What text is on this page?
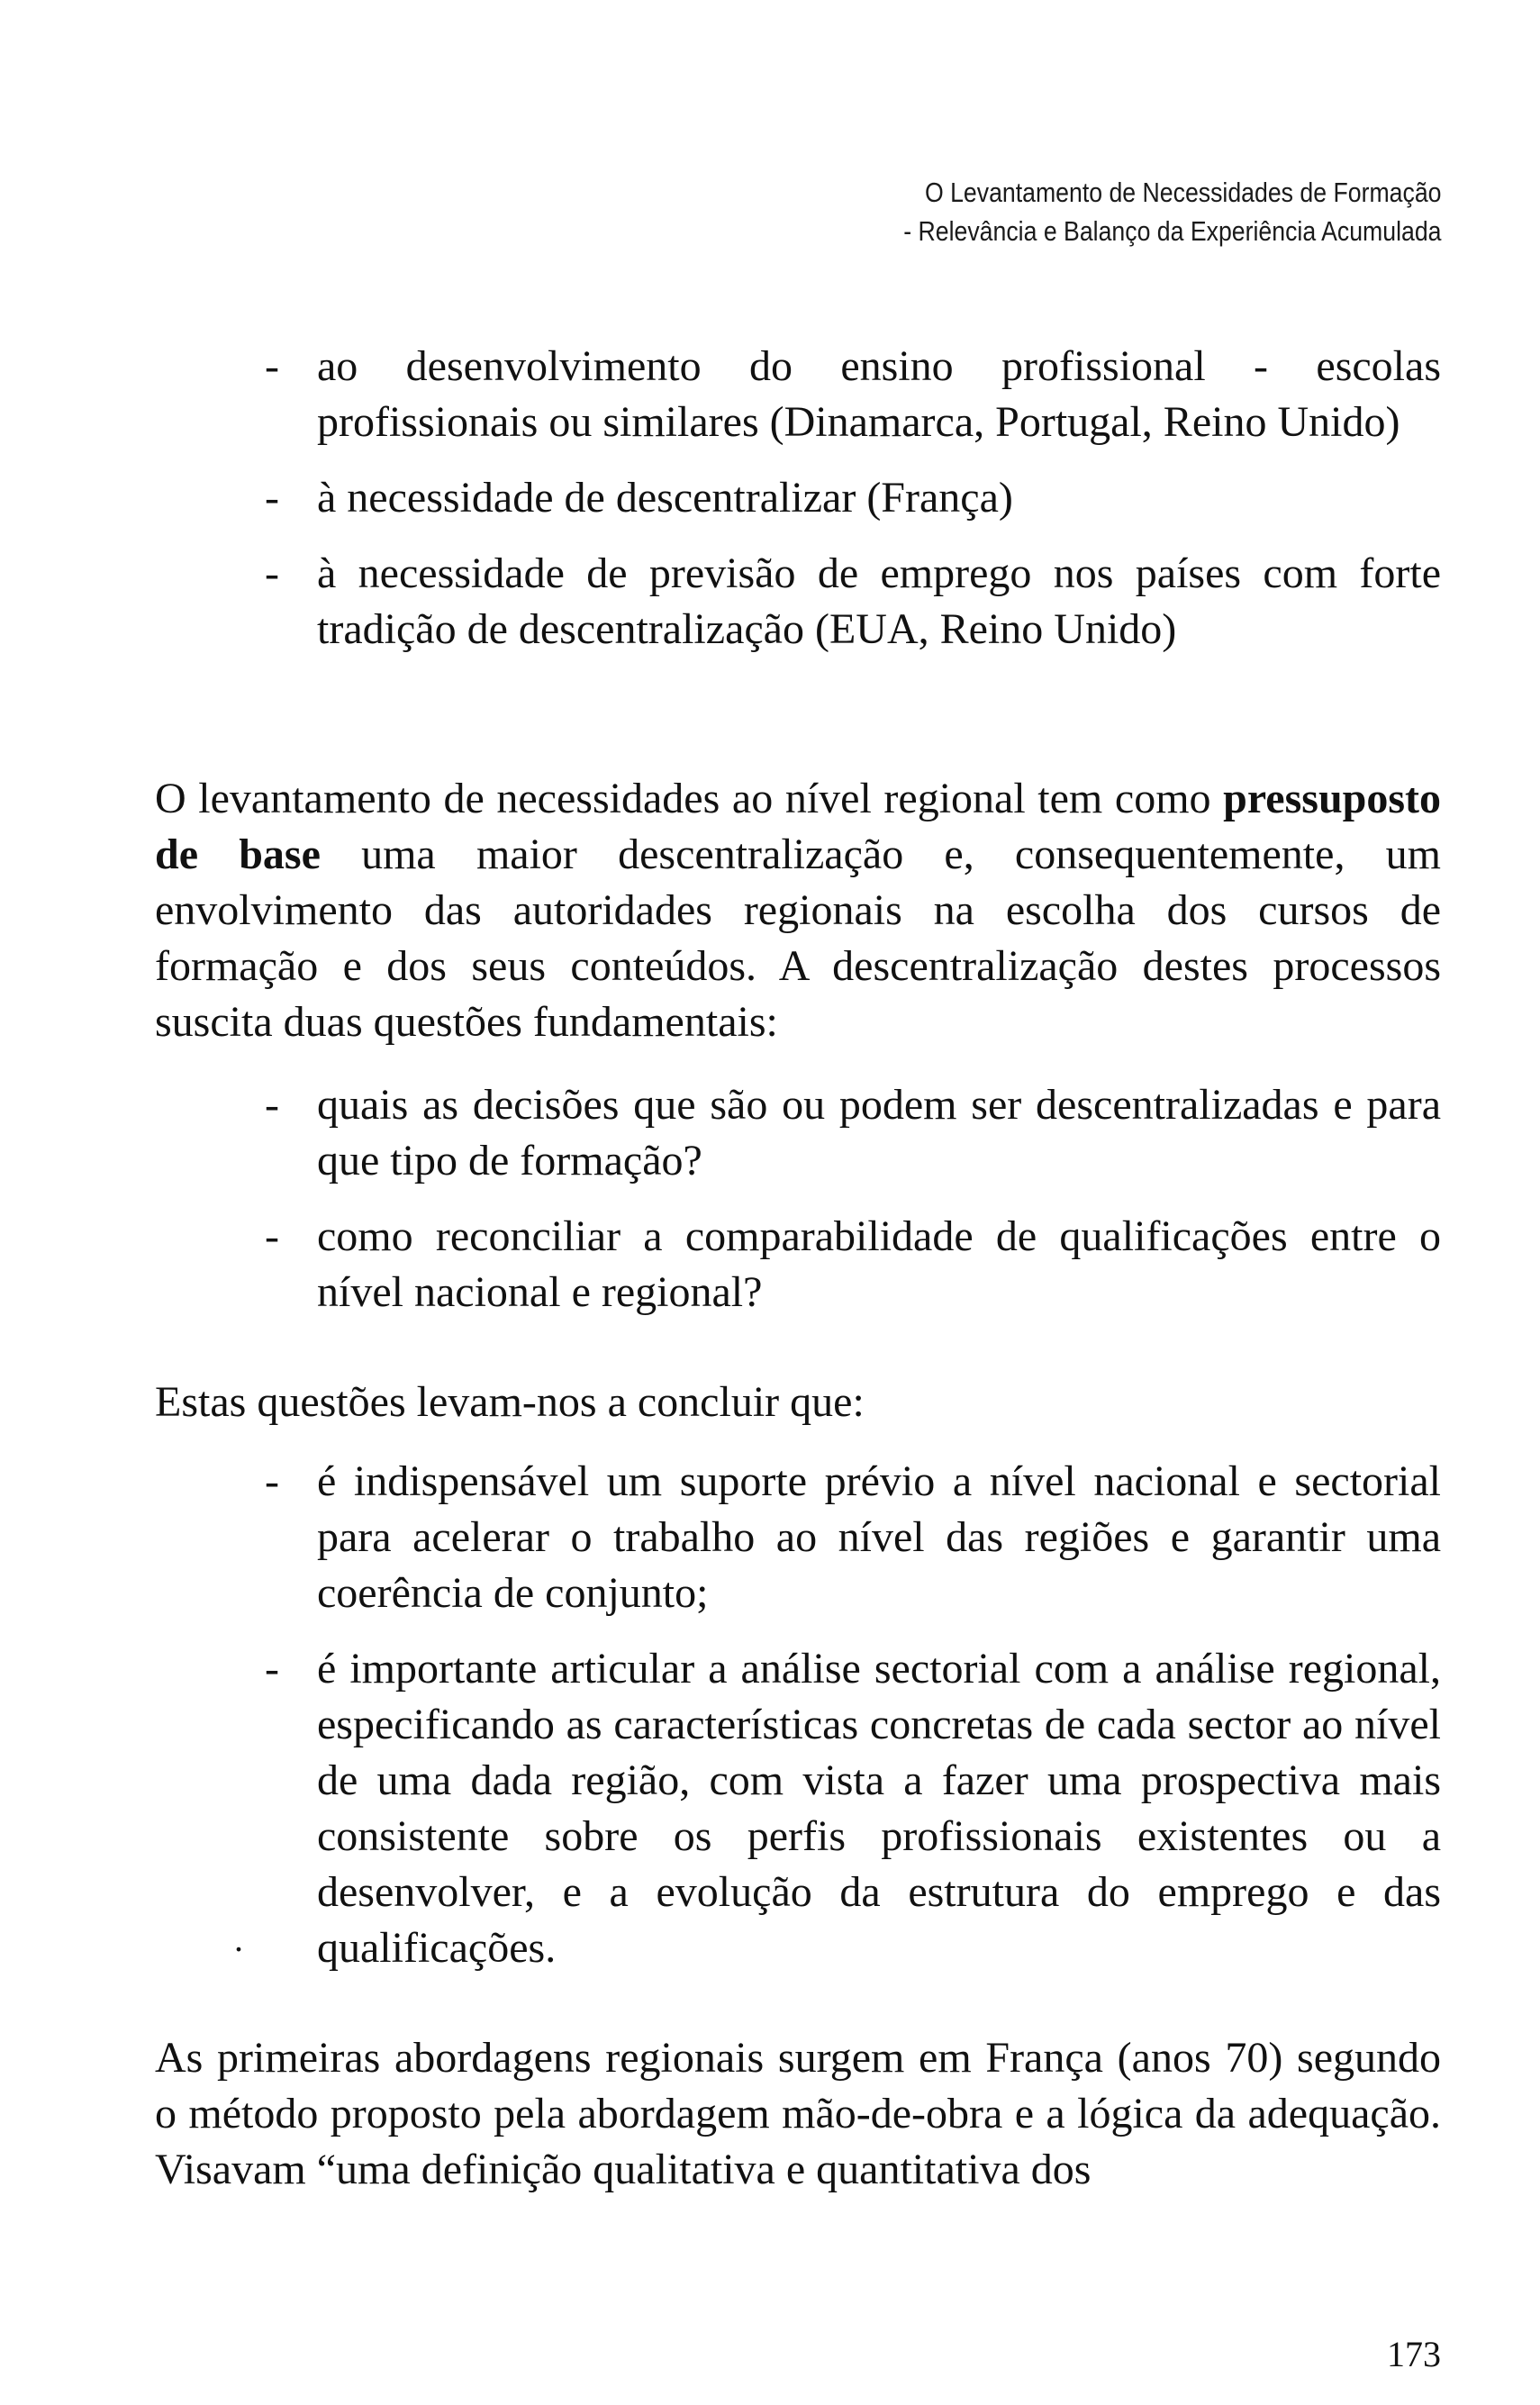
O Levantamento de Necessidades de Formação
- Relevância e Balanço da Experiência Acumulada
- ao desenvolvimento do ensino profissional - escolas profissionais ou similares (Dinamarca, Portugal, Reino Unido)
- à necessidade de descentralizar (França)
- à necessidade de previsão de emprego nos países com forte tradição de descentralização (EUA, Reino Unido)

O levantamento de necessidades ao nível regional tem como pressuposto de base uma maior descentralização e, consequentemente, um envolvimento das autoridades regionais na escolha dos cursos de formação e dos seus conteúdos. A descentralização destes processos suscita duas questões fundamentais:

- quais as decisões que são ou podem ser descentralizadas e para que tipo de formação?
- como reconciliar a comparabilidade de qualificações entre o nível nacional e regional?

Estas questões levam-nos a concluir que:

- é indispensável um suporte prévio a nível nacional e sectorial para acelerar o trabalho ao nível das regiões e garantir uma coerência de conjunto;
- é importante articular a análise sectorial com a análise regional, especificando as características concretas de cada sector ao nível de uma dada região, com vista a fazer uma prospectiva mais consistente sobre os perfis profissionais existentes ou a desenvolver, e a evolução da estrutura do emprego e das qualificações.
.

As primeiras abordagens regionais surgem em França (anos 70) segundo o método proposto pela abordagem mão-de-obra e a lógica da adequação. Visavam “uma definição qualitativa e quantitativa dos

173
